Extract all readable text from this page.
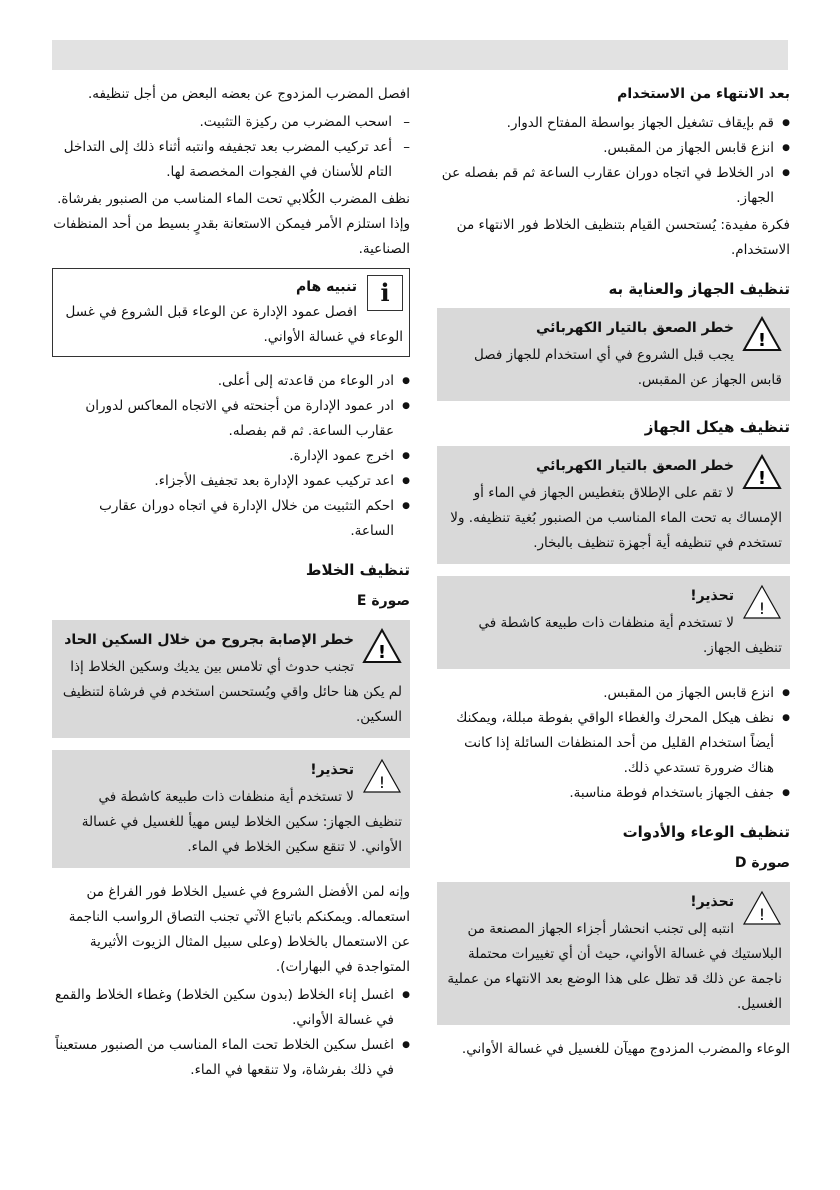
بعد الانتهاء من الاستخدام
● قم بإيقاف تشغيل الجهاز بواسطة المفتاح الدوار.
● انزع قابس الجهاز من المقبس.
● ادر الخلاط في اتجاه دوران عقارب الساعة ثم قم بفصله عن الجهاز.

فكرة مفيدة: يُستحسن القيام بتنظيف الخلاط فور الانتهاء من الاستخدام.

تنظيف الجهاز والعناية به
!
خطر الصعق بالتيار الكهربائي
يجب قبل الشروع في أي استخدام للجهاز فصل قابس الجهاز عن المقبس.
تنظيف هيكل الجهاز
!
خطر الصعق بالتيار الكهربائي
لا تقم على الإطلاق بتغطيس الجهاز في الماء أو الإمساك به تحت الماء المناسب من الصنبور بُغية تنظيفه. ولا تستخدم في تنظيفه أية أجهزة تنظيف بالبخار.
!
تحذير!
لا تستخدم أية منظفات ذات طبيعة كاشطة في تنظيف الجهاز.
● انزع قابس الجهاز من المقبس.
● نظف هيكل المحرك والغطاء الواقي بفوطة مبللة، ويمكنك أيضاً استخدام القليل من أحد المنظفات السائلة إذا كانت هناك ضرورة تستدعي ذلك.
● جفف الجهاز باستخدام فوطة مناسبة.
تنظيف الوعاء والأدوات
صورة D
!
تحذير!
انتبه إلى تجنب انحشار أجزاء الجهاز المصنعة من البلاستيك في غسالة الأواني، حيث أن أي تغييرات محتملة ناجمة عن ذلك قد تظل على هذا الوضع بعد الانتهاء من عملية الغسيل.

الوعاء والمضرب المزدوج مهيآن للغسيل في غسالة الأواني.

افصل المضرب المزدوج عن بعضه البعض من أجل تنظيفه.

– اسحب المضرب من ركيزة التثبيت.
– أعد تركيب المضرب بعد تجفيفه وانتبه أثناء ذلك إلى التداخل التام للأسنان في الفجوات المخصصة لها.

نظف المضرب الكُلابي تحت الماء المناسب من الصنبور بفرشاة. وإذا استلزم الأمر فيمكن الاستعانة بقدرٍ بسيط من أحد المنظفات الصناعية.

i
تنبيه هام
افصل عمود الإدارة عن الوعاء قبل الشروع في غسل الوعاء في غسالة الأواني.
● ادر الوعاء من قاعدته إلى أعلى.
● ادر عمود الإدارة من أجنحته في الاتجاه المعاكس لدوران عقارب الساعة. ثم قم بفصله.
● اخرج عمود الإدارة.
● اعد تركيب عمود الإدارة بعد تجفيف الأجزاء.
● احكم التثبيت من خلال الإدارة في اتجاه دوران عقارب الساعة.
تنظيف الخلاط
صورة E
!
خطر الإصابة بجروح من خلال السكين الحاد
تجنب حدوث أي تلامس بين يديك وسكين الخلاط إذا لم يكن هنا حائل واقي ويُستحسن استخدم في فرشاة لتنظيف السكين.
!
تحذير!
لا تستخدم أية منظفات ذات طبيعة كاشطة في تنظيف الجهاز: سكين الخلاط ليس مهيأ للغسيل في غسالة الأواني. لا تنقع سكين الخلاط في الماء.

وإنه لمن الأفضل الشروع في غسيل الخلاط فور الفراغ من استعماله. ويمكنكم باتباع الآتي تجنب التصاق الرواسب الناجمة عن الاستعمال بالخلاط (وعلى سبيل المثال الزيوت الأثيرية المتواجدة في البهارات).

● اغسل إناء الخلاط (بدون سكين الخلاط) وغطاء الخلاط والقمع في غسالة الأواني.
● اغسل سكين الخلاط تحت الماء المناسب من الصنبور مستعيناً في ذلك بفرشاة، ولا تنقعها في الماء.
